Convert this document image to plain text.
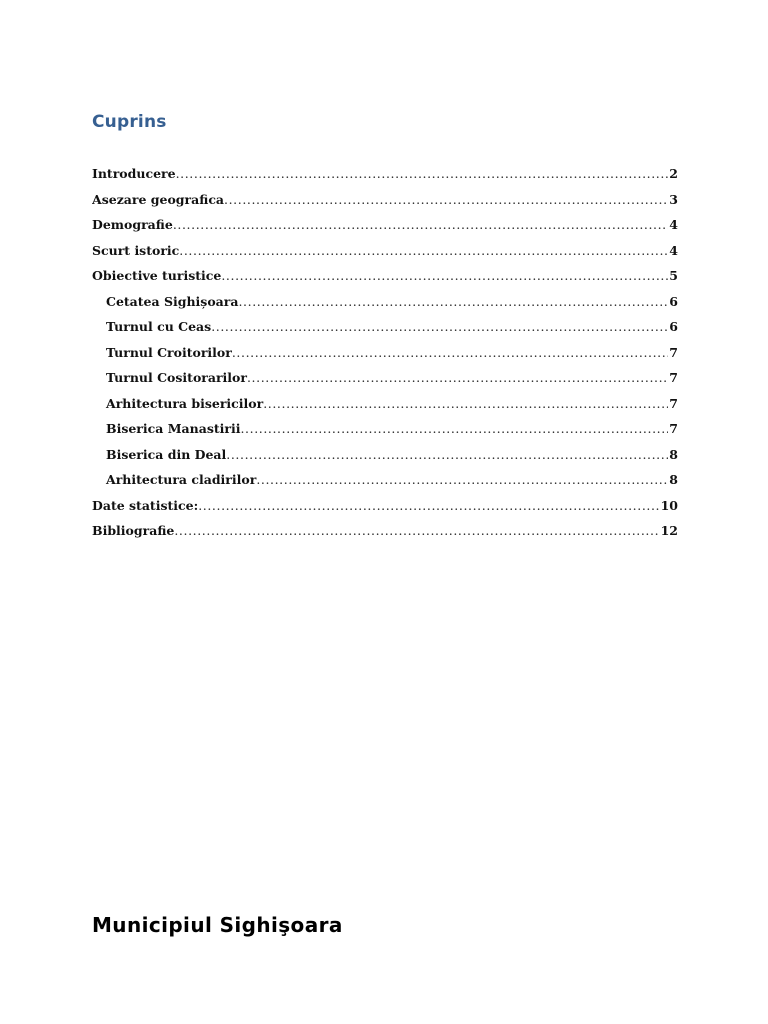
Cuprins
Introducere .....	2
Asezare geografica .....	3
Demografie .....	4
Scurt istoric .....	4
Obiective turistice .....	5
Cetatea Sighișoara .....	6
Turnul cu Ceas .....	6
Turnul Croitorilor .....	7
Turnul Cositorarilor .....	7
Arhitectura bisericilor .....	7
Biserica Manastirii .....	7
Biserica din Deal .....	8
Arhitectura cladirilor .....	8
Date statistice: .....	10
Bibliografie .....	12
Municipiul Sighişoara
